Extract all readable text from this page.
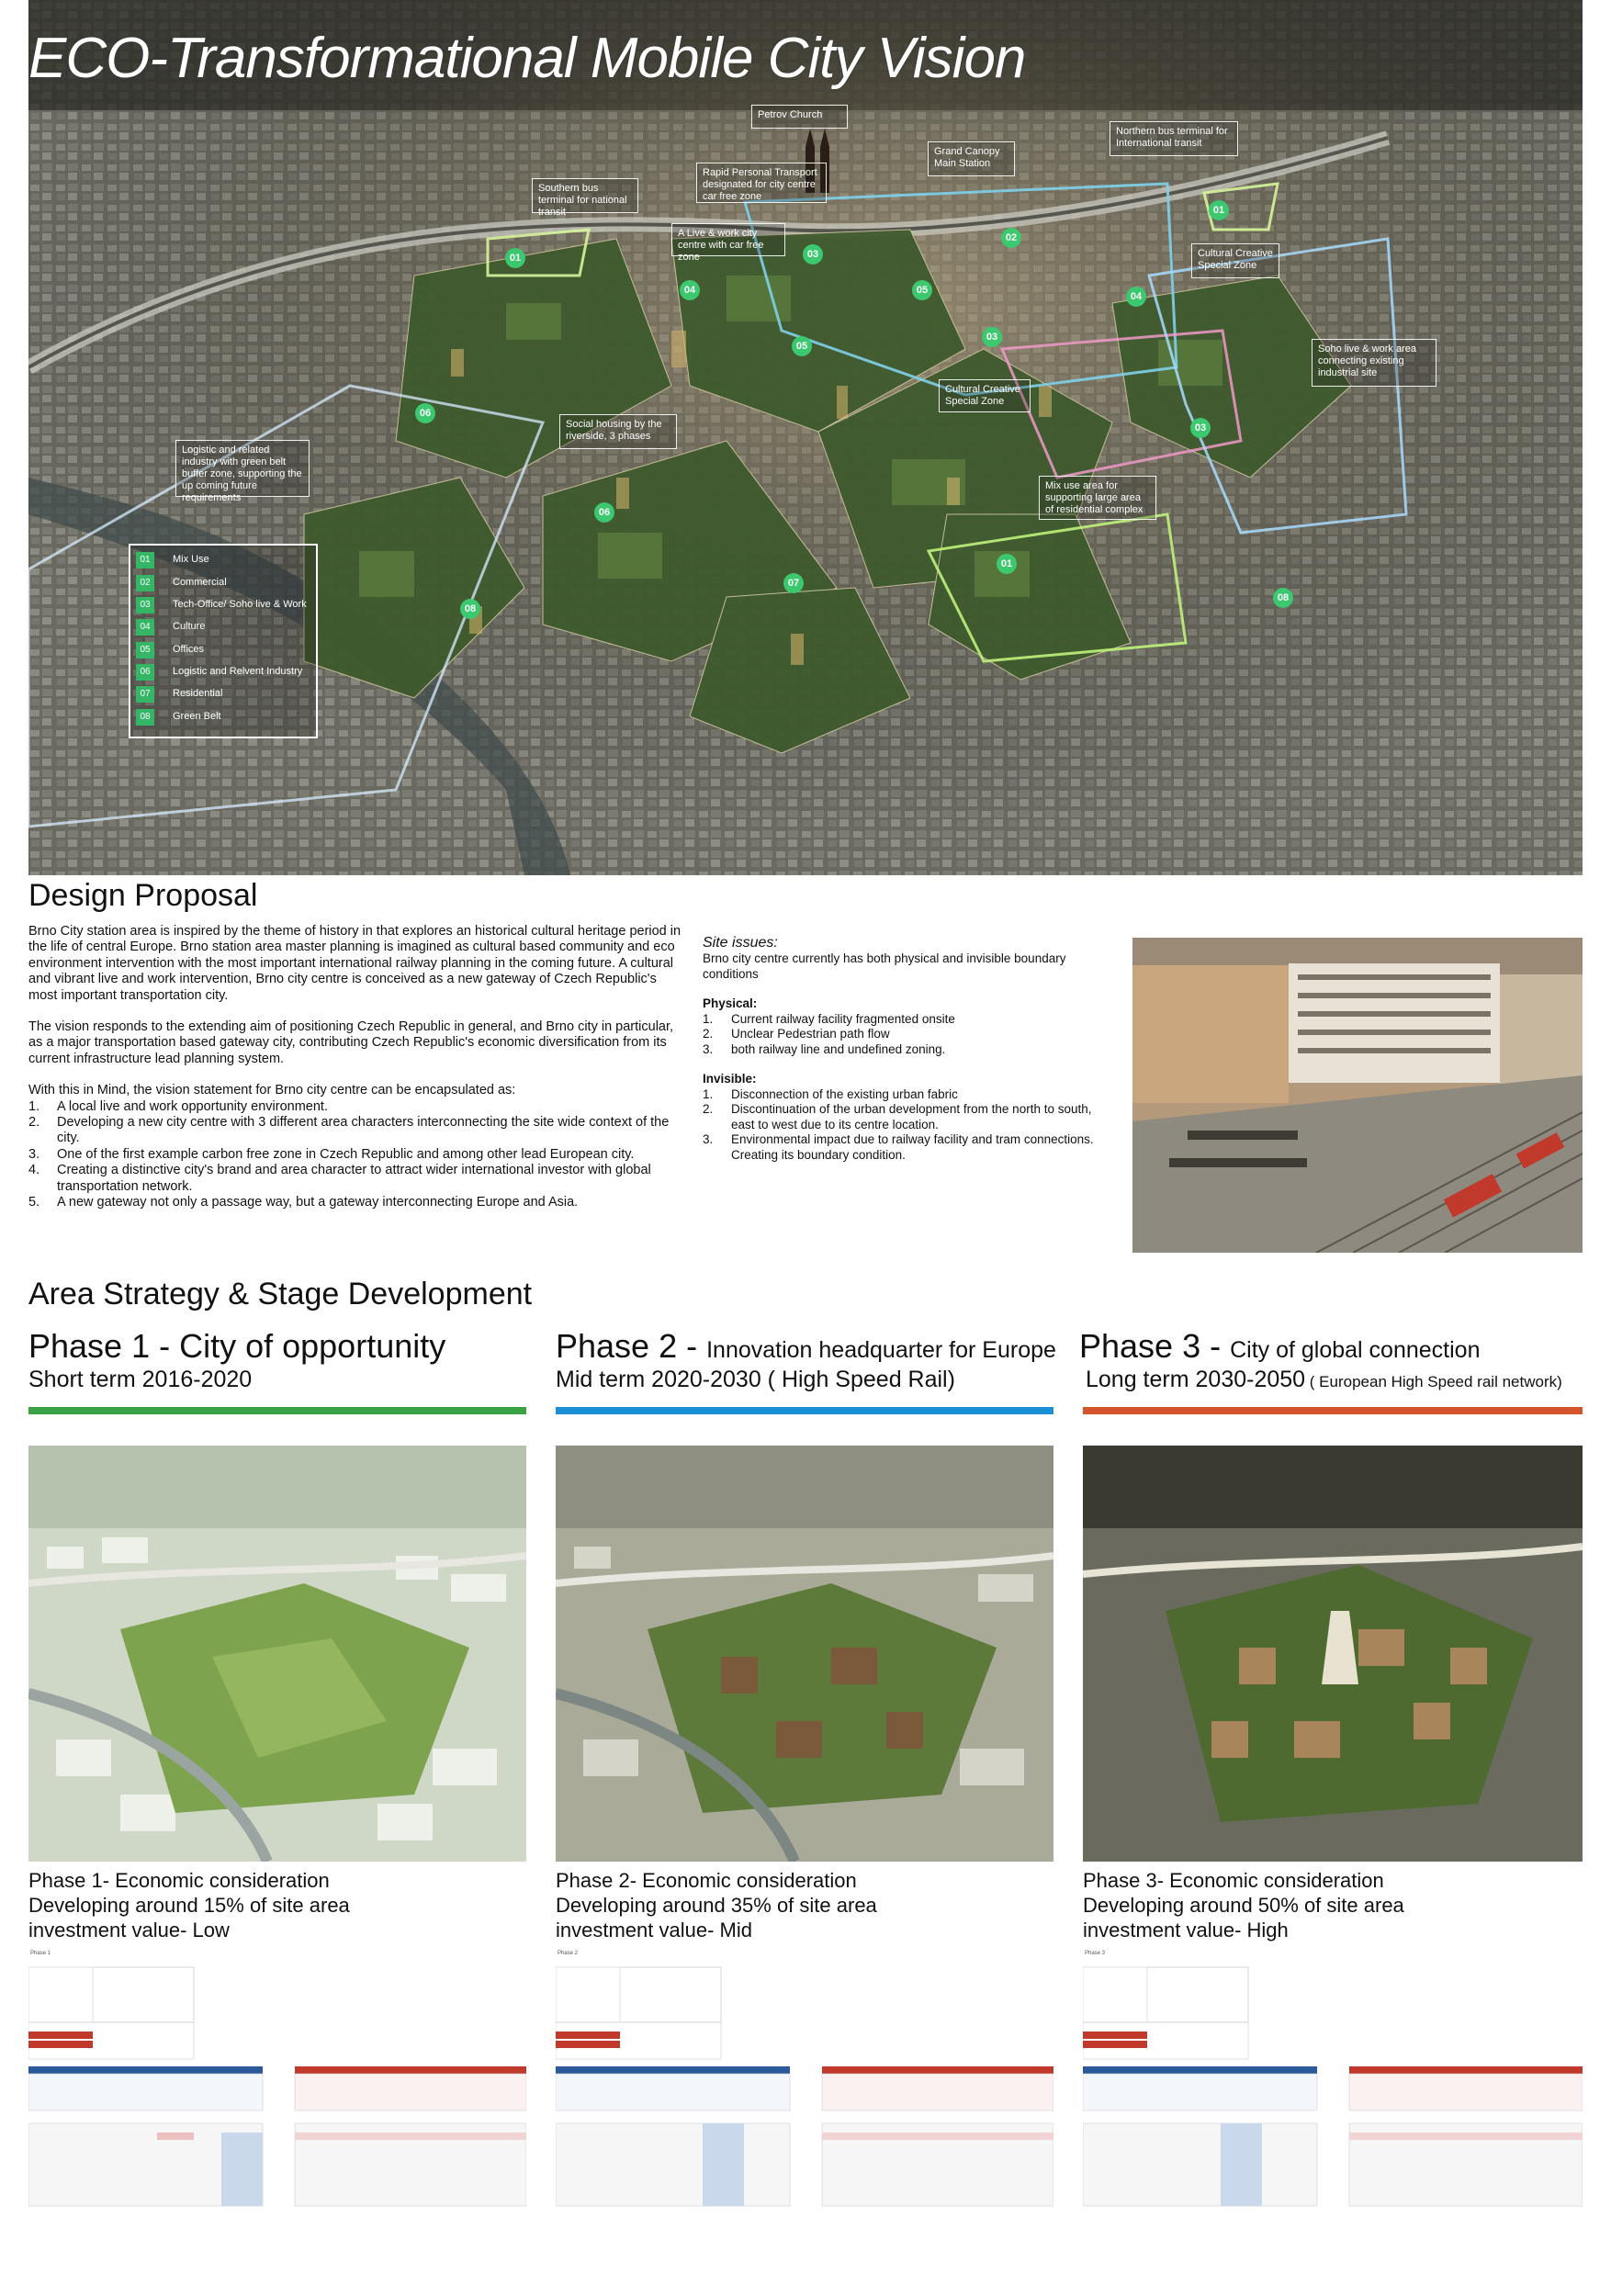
ECO-Transformational Mobile City Vision
Petrov Church
Rapid Personal Transport designated for city centre car free zone
Grand Canopy Main Station
Northern bus terminal for International transit
Southern bus terminal for national transit
A Live & work city centre with car free zone	Cultural Creative Special Zone
Soho live & work area connecting existing industrial site
Cultural Creative Special Zone
Social housing by the riverside, 3 phases
Logistic and related industry with green belt buffer zone, supporting the up coming future requirements
Mix use area for supporting large area of residential complex
01
02
03
04
05
06
07
08
01
03
04	05
06
08
03
01
01	Mix Use
02	Commercial
03	Tech-Office/ Soho live & Work
04	Culture
05	Offices
06	Logistic and Relvent Industry
07	Residential
08	Green Belt
Design Proposal

Brno City station area is inspired by the theme of history in that explores an historical cultural heritage period in the life of central Europe. Brno station area master planning is imagined as cultural based community and eco

environment intervention with the most important international railway planning in the coming future. A cultural and vibrant live and work intervention, Brno city centre is conceived as a new gateway of Czech Republic's most important transportation city.

The vision responds to the extending aim of positioning Czech Republic in general, and Brno city in particular, as a major transportation based gateway city, contributing Czech Republic's economic diversification from its current infrastructure lead planning system.

With this in Mind, the vision statement for Brno city centre can be encapsulated as:

1. A local live and work opportunity environment.
2. Developing a new city centre with 3 different area characters interconnecting the site wide context of the city.
3. One of the first example carbon free zone in Czech Republic and among other lead European city.
4. Creating a distinctive city's brand and area character to attract wider international investor with global transportation network.
5. A new gateway not only a passage way, but a gateway interconnecting Europe and Asia.

Site issues:

Brno city centre currently has both physical and invisible boundary conditions

Physical:

1. Current railway facility fragmented onsite
2. Unclear Pedestrian path flow
3. both railway line and undefined zoning.

Invisible:

1. Disconnection of the existing urban fabric
2. Discontinuation of the urban development from the north to south, east to west due to its centre location.
3. Environmental impact due to railway facility and tram connections. Creating its boundary condition.
Area Strategy & Stage Development
Phase 1 - City of opportunity
Short term 2016-2020
Phase 2 - Innovation headquarter for Europe
Mid term 2020-2030 ( High Speed Rail)
Phase 3 - City of global connection
Long term 2030-2050 ( European High Speed rail network)
Phase 1- Economic consideration
Developing around 15% of site area
investment value- Low
Phase 2- Economic consideration
Developing around 35% of site area
investment value- Mid
Phase 3- Economic consideration
Developing around 50% of site area
investment value- High
Phase 1	Phase 2	Phase 3
